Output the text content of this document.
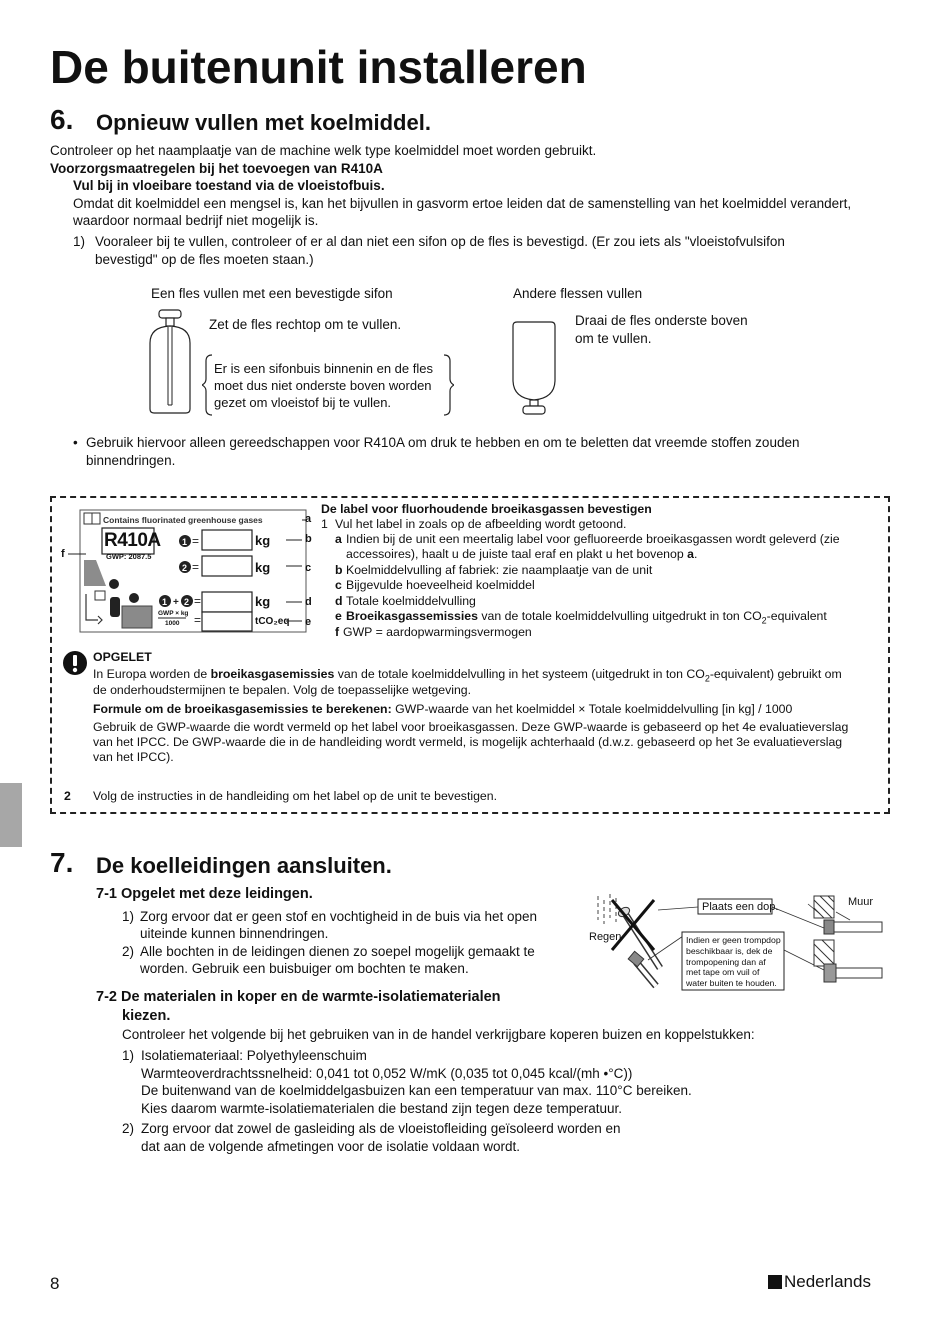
De buitenunit installeren
6. Opnieuw vullen met koelmiddel.
Controleer op het naamplaatje van de machine welk type koelmiddel moet worden gebruikt.
Voorzorgsmaatregelen bij het toevoegen van R410A
Vul bij in vloeibare toestand via de vloeistofbuis.
Omdat dit koelmiddel een mengsel is, kan het bijvullen in gasvorm ertoe leiden dat de samenstelling van het koelmiddel verandert,
waardoor normaal bedrijf niet mogelijk is.
1) Vooraleer bij te vullen, controleer of er al dan niet een sifon op de fles is bevestigd. (Er zou iets als "vloeistofvulsifon
bevestigd" op de fles moeten staan.)
Een fles vullen met een bevestigde sifon	Andere flessen vullen
Zet de fles rechtop om te vullen.
Er is een sifonbuis binnenin en de fles
moet dus niet onderste boven worden
gezet om vloeistof bij te vullen.
Draai de fles onderste boven
om te vullen.
• Gebruik hiervoor alleen gereedschappen voor R410A om druk te hebben en om te beletten dat vreemde stoffen zouden
binnendringen.
1
2
1 2
+
=
=
=
=
Contains fluorinated greenhouse gases
R410A
GWP: 2087.5
kg
kg
kg
tCO₂eq
GWP × kg
1000
a
b
c
d
e
f
De label voor fluorhoudende broeikasgassen bevestigen
1 Vul het label in zoals op de afbeelding wordt getoond.
a Indien bij de unit een meertalig label voor gefluoreerde broeikasgassen wordt geleverd (zie
accessoires), haalt u de juiste taal eraf en plakt u het bovenop a.
b Koelmiddelvulling af fabriek: zie naamplaatje van de unit
c Bijgevulde hoeveelheid koelmiddel
d Totale koelmiddelvulling
e Broeikasgassemissies van de totale koelmiddelvulling uitgedrukt in ton $CO_2$-equivalent
f GWP = aardopwarmingsvermogen
OPGELET
In Europa worden de broeikasgasemissies van de totale koelmiddelvulling in het systeem (uitgedrukt in ton $CO_2-equivalent$) gebruikt om
de onderhoudstermijnen te bepalen. Volg de toepasselijke wetgeving.
Formule om de broeikasgasemissies te berekenen: GWP-waarde van het koelmiddel × Totale koelmiddelvulling [in kg] / 1000
Gebruik de GWP-waarde die wordt vermeld op het label voor broeikasgassen. Deze GWP-waarde is gebaseerd op het 4e evaluatieverslag
van het IPCC. De GWP-waarde die in de handleiding wordt vermeld, is mogelijk achterhaald (d.w.z. gebaseerd op het 3e evaluatieverslag
van het IPCC).
2 Volg de instructies in de handleiding om het label op de unit te bevestigen.
7. De koelleidingen aansluiten.
7-1 Opgelet met deze leidingen.
1) Zorg ervoor dat er geen stof en vochtigheid in de buis via het open
uiteinde kunnen binnendringen.
2) Alle bochten in de leidingen dienen zo soepel mogelijk gemaakt te
worden. Gebruik een buisbuiger om bochten te maken.
Regen
Plaats een dop.	Muur
Indien er geen trompdop
beschikbaar is, dek de
trompopening dan af
met tape om vuil of
water buiten te houden.
7-2 De materialen in koper en de warmte-isolatiematerialen
kiezen.
Controleer het volgende bij het gebruiken van in de handel verkrijgbare koperen buizen en koppelstukken:
1) Isolatiemateriaal: Polyethyleenschuim
Warmteoverdrachtssnelheid: 0,041 tot 0,052 W/mK (0,035 tot 0,045 kcal/(mh •°C))
De buitenwand van de koelmiddelgasbuizen kan een temperatuur van max. 110°C bereiken.
Kies daarom warmte-isolatiematerialen die bestand zijn tegen deze temperatuur.
2) Zorg ervoor dat zowel de gasleiding als de vloeistofleiding geïsoleerd worden en
dat aan de volgende afmetingen voor de isolatie voldaan wordt.
8	Nederlands
